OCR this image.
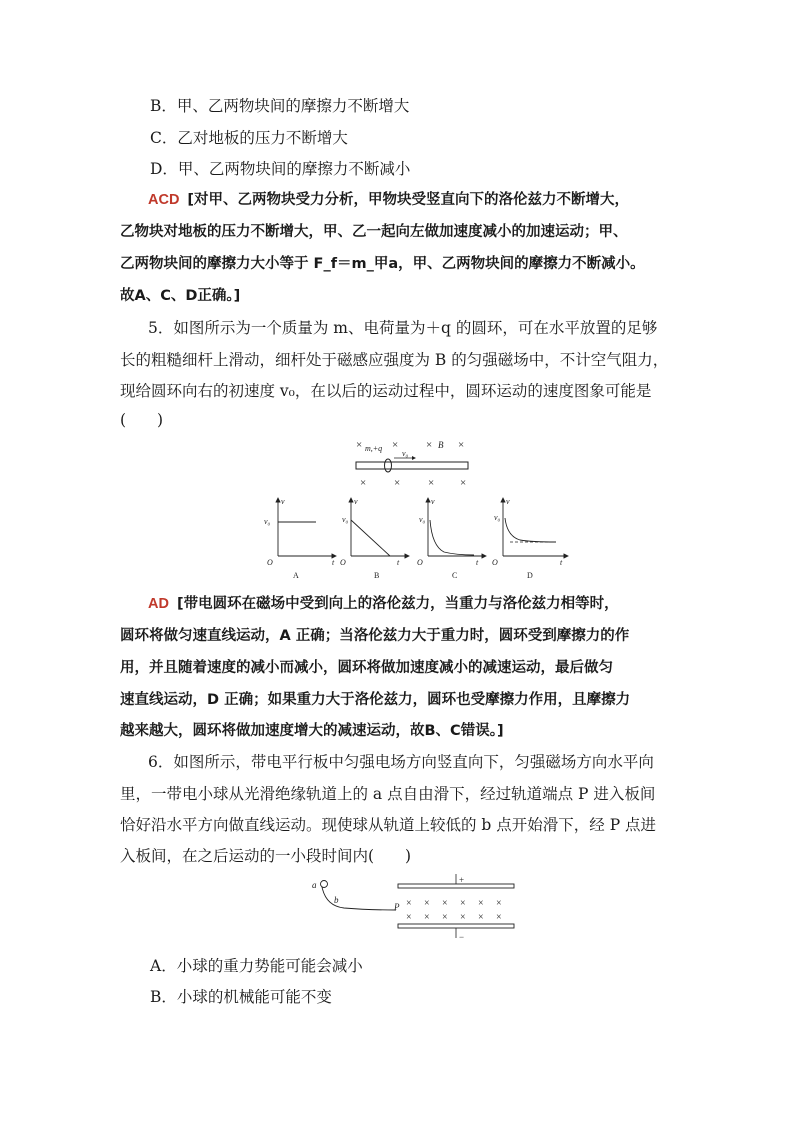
B．甲、乙两物块间的摩擦力不断增大
C．乙对地板的压力不断增大
D．甲、乙两物块间的摩擦力不断减小
ACD [对甲、乙两物块受力分析，甲物块受竖直向下的洛伦兹力不断增大，
乙物块对地板的压力不断增大，甲、乙一起向左做加速度减小的加速运动；甲、
乙两物块间的摩擦力大小等于 F_f＝m_甲a，甲、乙两物块间的摩擦力不断减小。
故A、C、D正确。]
5．如图所示为一个质量为 m、电荷量为＋q 的圆环，可在水平放置的足够
长的粗糙细杆上滑动，细杆处于磁感应强度为 B 的匀强磁场中，不计空气阻力，
现给圆环向右的初速度 v₀，在以后的运动过程中，圆环运动的速度图象可能是
(　　)
×	×	× ×
×	×	× ×
m,+q	B
v₀
v
v₀
O	t
A
v
v₀
O	t
B
v
v₀
O	t
C
v
v₀
O	t
D
AD [带电圆环在磁场中受到向上的洛伦兹力，当重力与洛伦兹力相等时，
圆环将做匀速直线运动，A 正确；当洛伦兹力大于重力时，圆环受到摩擦力的作
用，并且随着速度的减小而减小，圆环将做加速度减小的减速运动，最后做匀
速直线运动，D 正确；如果重力大于洛伦兹力，圆环也受摩擦力作用，且摩擦力
越来越大，圆环将做加速度增大的减速运动，故B、C错误。]
6．如图所示，带电平行板中匀强电场方向竖直向下，匀强磁场方向水平向
里，一带电小球从光滑绝缘轨道上的 a 点自由滑下，经过轨道端点 P 进入板间
恰好沿水平方向做直线运动。现使球从轨道上较低的 b 点开始滑下，经 P 点进
入板间，在之后运动的一小段时间内(　　)
a
b
P
+
−
× × × × × ×
× × × × × ×
A．小球的重力势能可能会减小
B．小球的机械能可能不变
